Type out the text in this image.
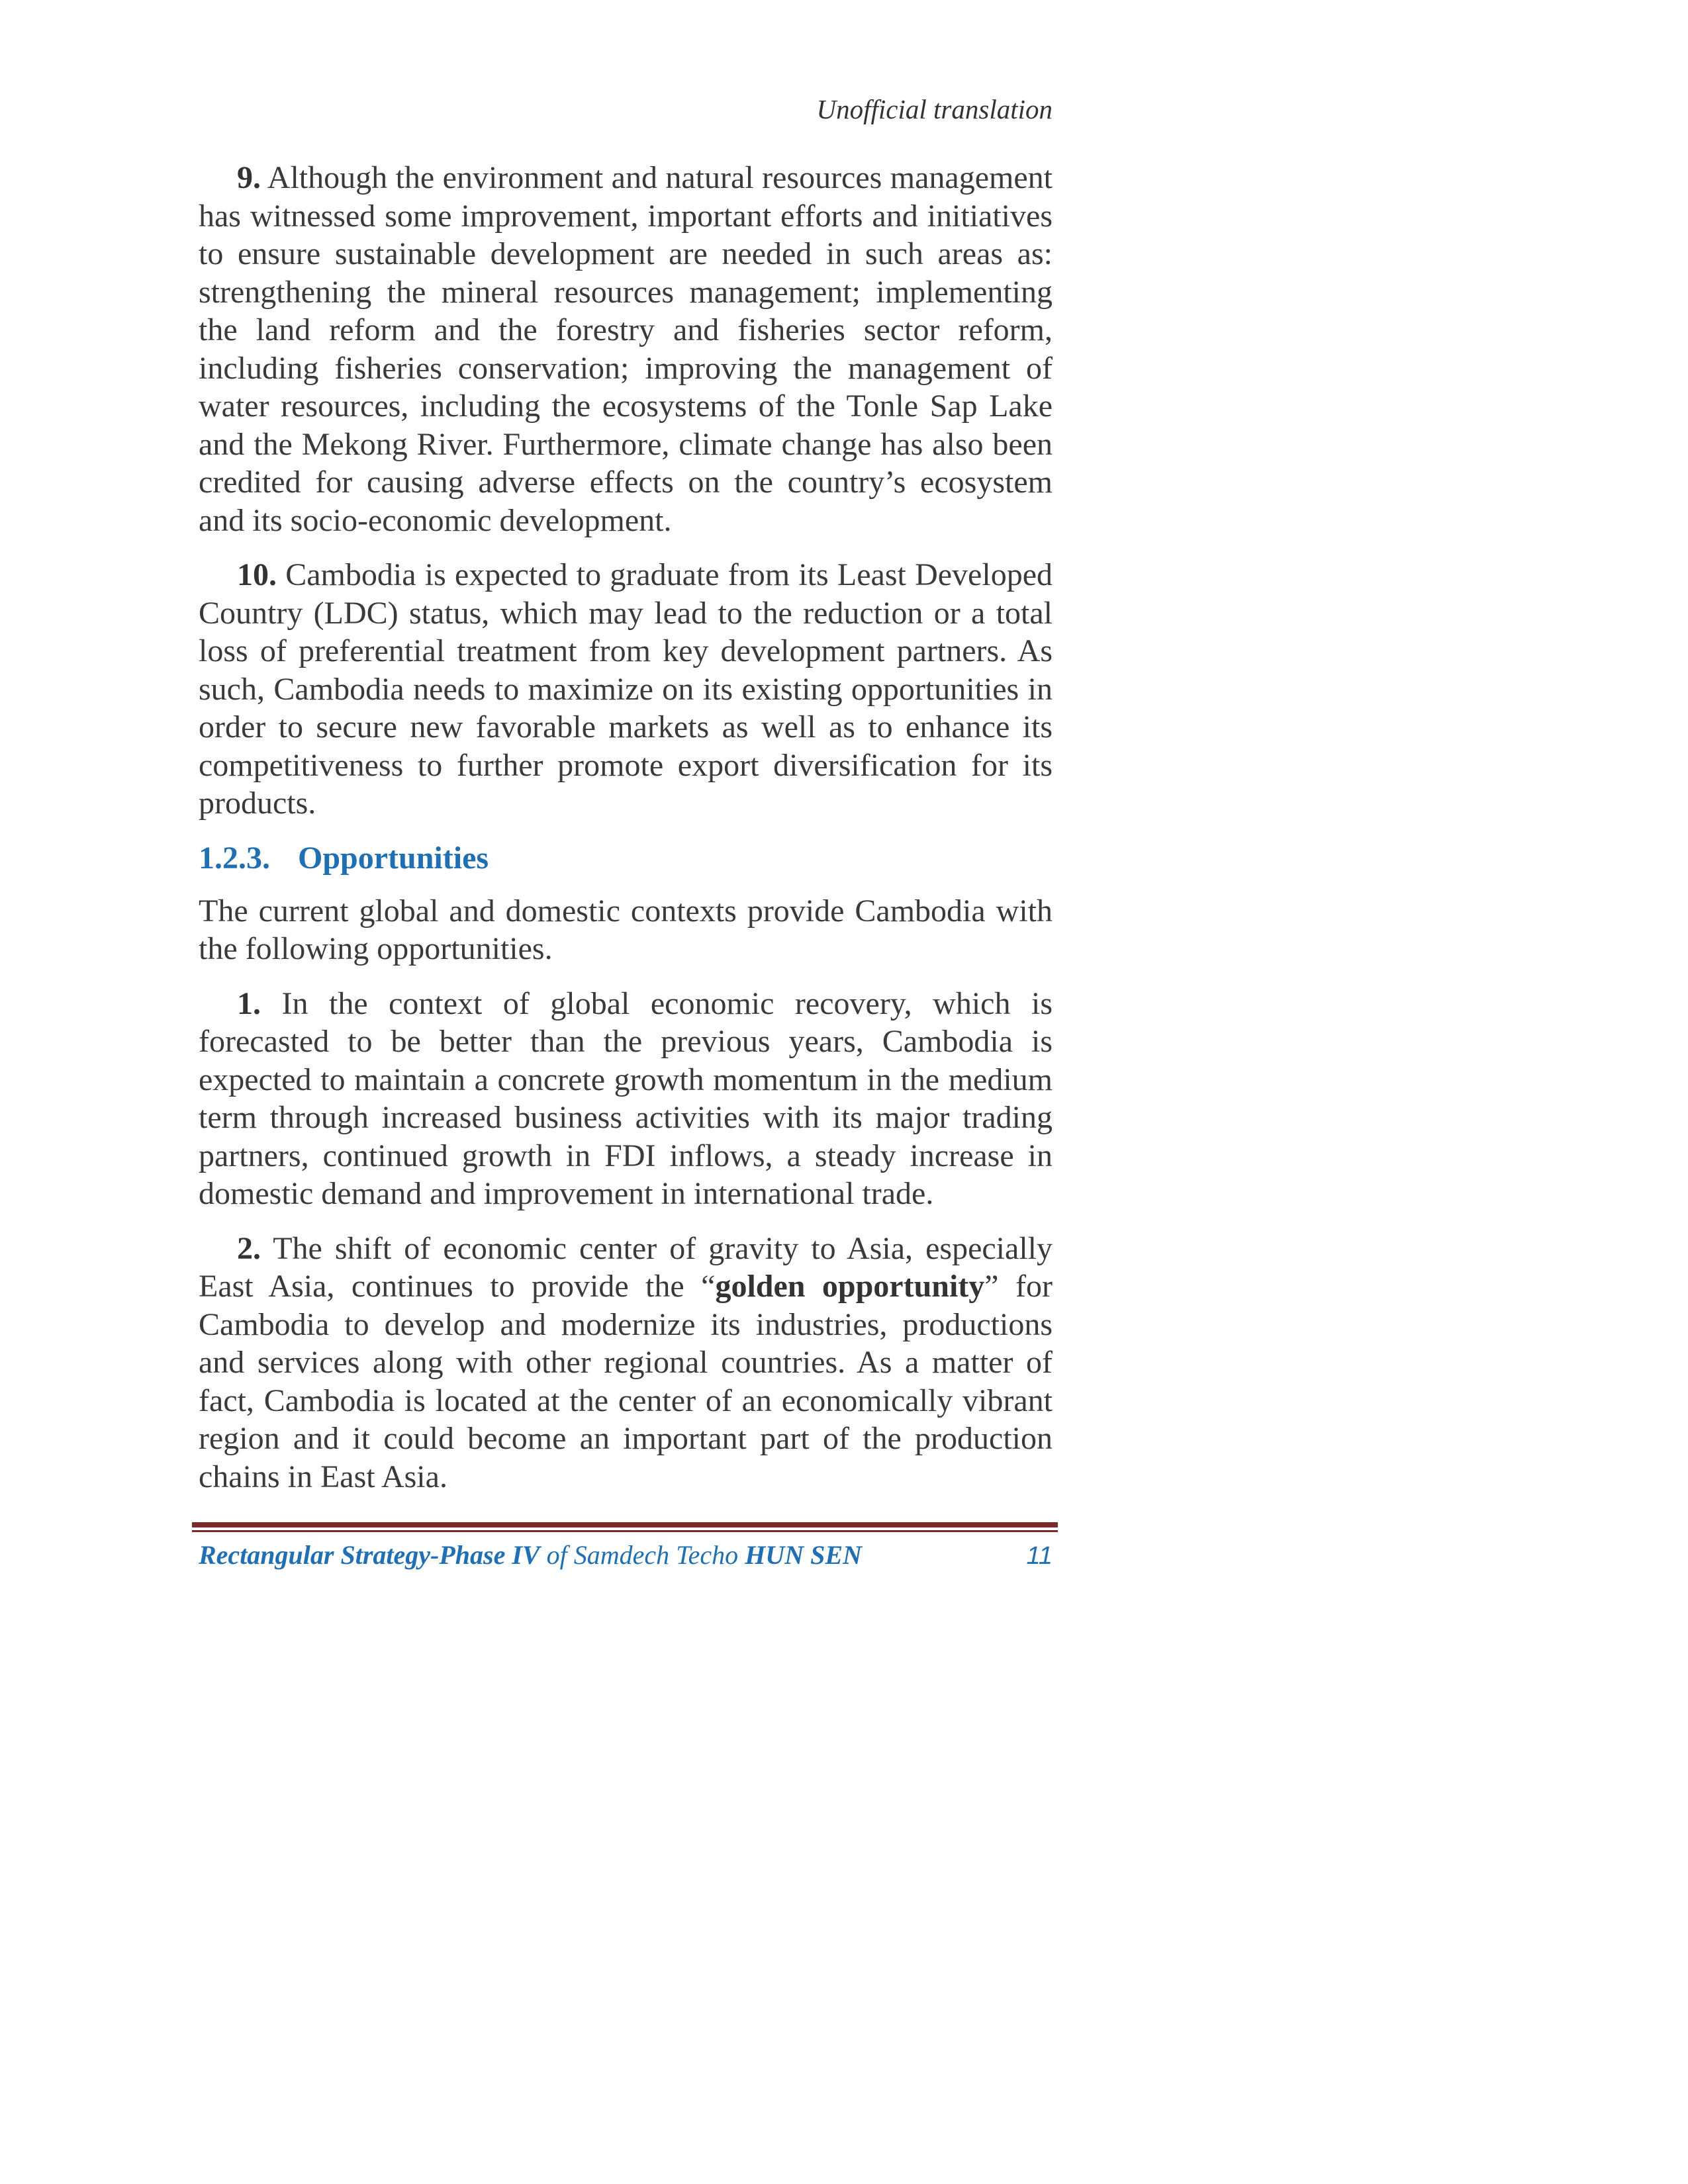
Unofficial translation

9. Although the environment and natural resources management has witnessed some improvement, important efforts and initiatives to ensure sustainable development are needed in such areas as: strengthening the mineral resources management; implementing the land reform and the forestry and fisheries sector reform, including fisheries conservation; improving the management of water resources, including the ecosystems of the Tonle Sap Lake and the Mekong River. Furthermore, climate change has also been credited for causing adverse effects on the country’s ecosystem and its socio-economic development.

10. Cambodia is expected to graduate from its Least Developed Country (LDC) status, which may lead to the reduction or a total loss of preferential treatment from key development partners. As such, Cambodia needs to maximize on its existing opportunities in order to secure new favorable markets as well as to enhance its competitiveness to further promote export diversification for its products.

1.2.3. Opportunities

The current global and domestic contexts provide Cambodia with the following opportunities.

1. In the context of global economic recovery, which is forecasted to be better than the previous years, Cambodia is expected to maintain a concrete growth momentum in the medium term through increased business activities with its major trading partners, continued growth in FDI inflows, a steady increase in domestic demand and improvement in international trade.

2. The shift of economic center of gravity to Asia, especially East Asia, continues to provide the “golden opportunity” for Cambodia to develop and modernize its industries, productions and services along with other regional countries. As a matter of fact, Cambodia is located at the center of an economically vibrant region and it could become an important part of the production chains in East Asia.

Rectangular Strategy-Phase IV of Samdech Techo HUN SEN	11
